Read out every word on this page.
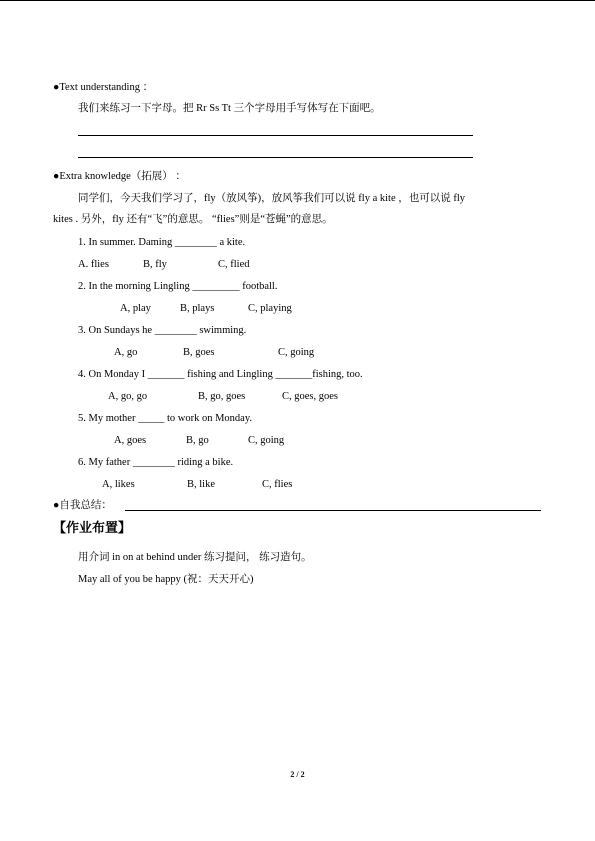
●Text understanding ：
我们来练习一下字母。把 Rr Ss Tt 三个字母用手写体写在下面吧。
●Extra knowledge（拓展） ：
同学们，今天我们学习了，fly（放风筝)，放风筝我们可以说 fly a kite ，也可以说 fly
kites . 另外，fly 还有“飞”的意思。 “flies”则是“苍蝇”的意思。
1. In summer. Daming ________ a kite.
A. flies	B, fly	C, flied
2. In the morning Lingling _________ football.
A, play	B, plays	C, playing
3. On Sundays he ________ swimming.
A, go	B, goes	C, going
4. On Monday I _______ fishing and Lingling _______fishing, too.
A, go, go	B, go, goes	C, goes, goes
5. My mother _____ to work on Monday.
A, goes	B, go	C, going
6. My father ________ riding a bike.
A, likes	B, like	C, flies
●自我总结：
【作业布置】
用介词 in on at behind under 练习提问， 练习造句。
May all of you be happy (祝：天天开心)
2 / 2
